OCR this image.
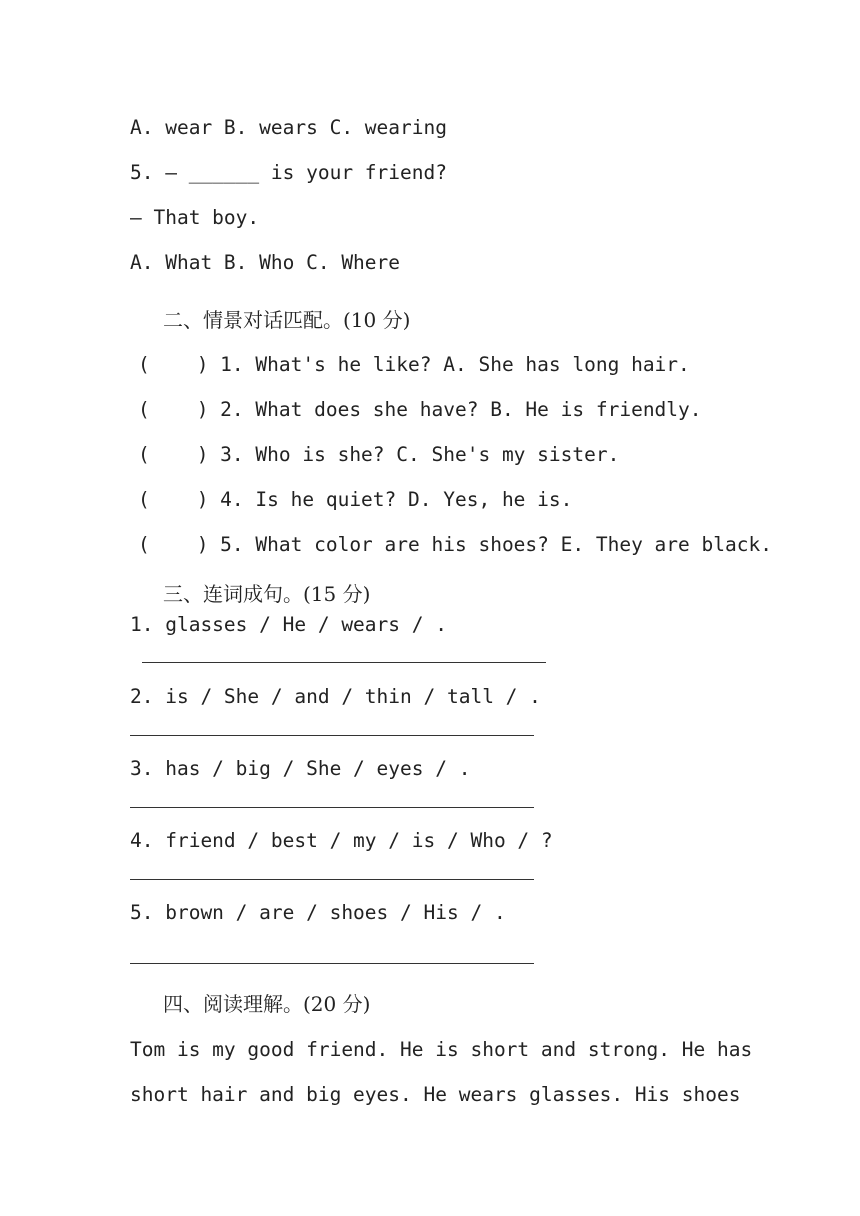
A. wear B. wears C. wearing
5. — ______ is your friend?
— That boy.
A. What B. Who C. Where
二、情景对话匹配。(10 分)
(    ) 1. What's he like? A. She has long hair.
(    ) 2. What does she have? B. He is friendly.
(    ) 3. Who is she? C. She's my sister.
(    ) 4. Is he quiet? D. Yes, he is.
(    ) 5. What color are his shoes? E. They are black.
三、连词成句。(15 分)
1. glasses / He / wears / .
2. is / She / and / thin / tall / .
3. has / big / She / eyes / .
4. friend / best / my / is / Who / ?
5. brown / are / shoes / His / .
四、阅读理解。(20 分)
Tom is my good friend. He is short and strong. He has
short hair and big eyes. He wears glasses. His shoes
